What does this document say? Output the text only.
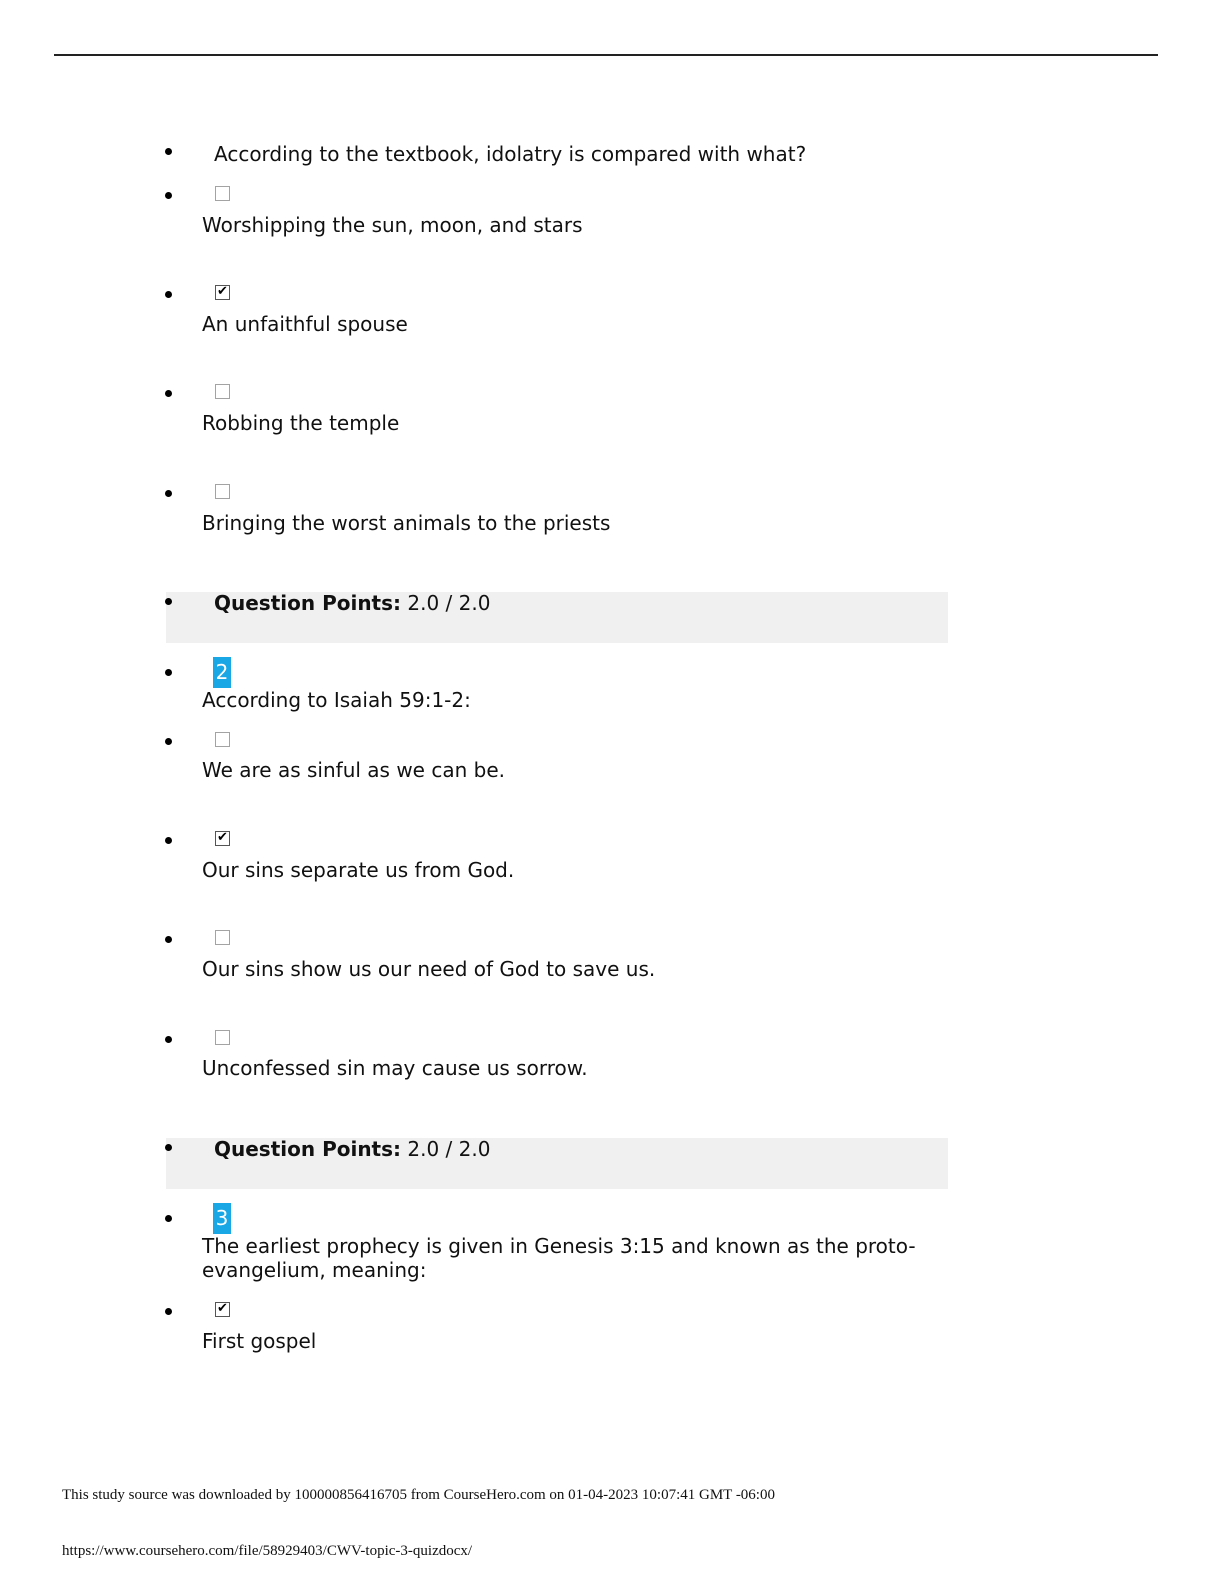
According to the textbook, idolatry is compared with what?
Worshipping the sun, moon, and stars
✔
An unfaithful spouse
Robbing the temple
Bringing the worst animals to the priests
Question Points: 2.0 / 2.0
2
According to Isaiah 59:1-2:
We are as sinful as we can be.
✔
Our sins separate us from God.
Our sins show us our need of God to save us.
Unconfessed sin may cause us sorrow.
Question Points: 2.0 / 2.0
3
The earliest prophecy is given in Genesis 3:15 and known as the proto-
evangelium, meaning:
✔
First gospel
This study source was downloaded by 100000856416705 from CourseHero.com on 01-04-2023 10:07:41 GMT -06:00
https://www.coursehero.com/file/58929403/CWV-topic-3-quizdocx/
